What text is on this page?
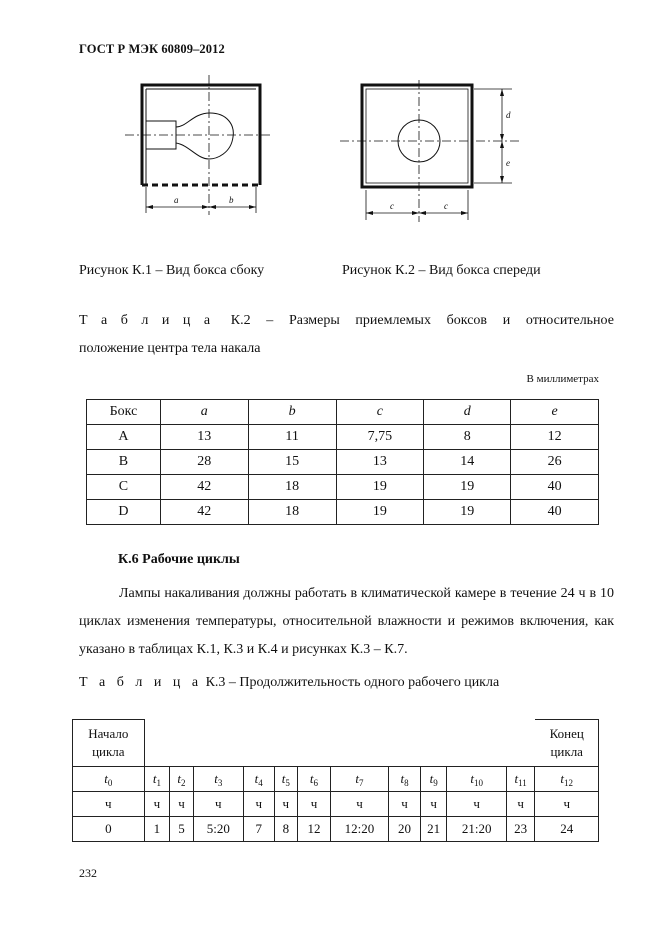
ГОСТ Р МЭК 60809–2012
a	b
c	c
d
e
Рисунок К.1 – Вид бокса сбоку	Рисунок К.2 – Вид бокса спереди
Т а б л и ц а К.2 – Размеры приемлемых боксов и относительное
положение центра тела накала
В миллиметрах
Бокс	a	b	c	d	e
A	13	11	7,75	8	12
B	28	15	13	14	26
C	42	18	19	19	40
D	42	18	19	19	40
К.6 Рабочие циклы
Лампы накаливания должны работать в климатической камере в течение 24 ч в 10 циклах изменения температуры, относительной влажности и режимов включения, как указано в таблицах К.1, К.3 и К.4 и рисунках К.3 – К.7.
Т а б л и ц а К.3 – Продолжительность одного рабочего цикла
Начало цикла												Конец цикла
$t_0$	$t_1$	$t_2$	$t_3$	$t_4$	$t_5$	$t_6$	$t_7$	$t_8$	$t_9$	$t_{10}$	$t_{11}$	$t_{12}$
ч	ч	ч	ч	ч	ч	ч	ч	ч	ч	ч	ч	ч
0	1	5	5:20	7	8	12	12:20	20	21	21:20	23	24
232
